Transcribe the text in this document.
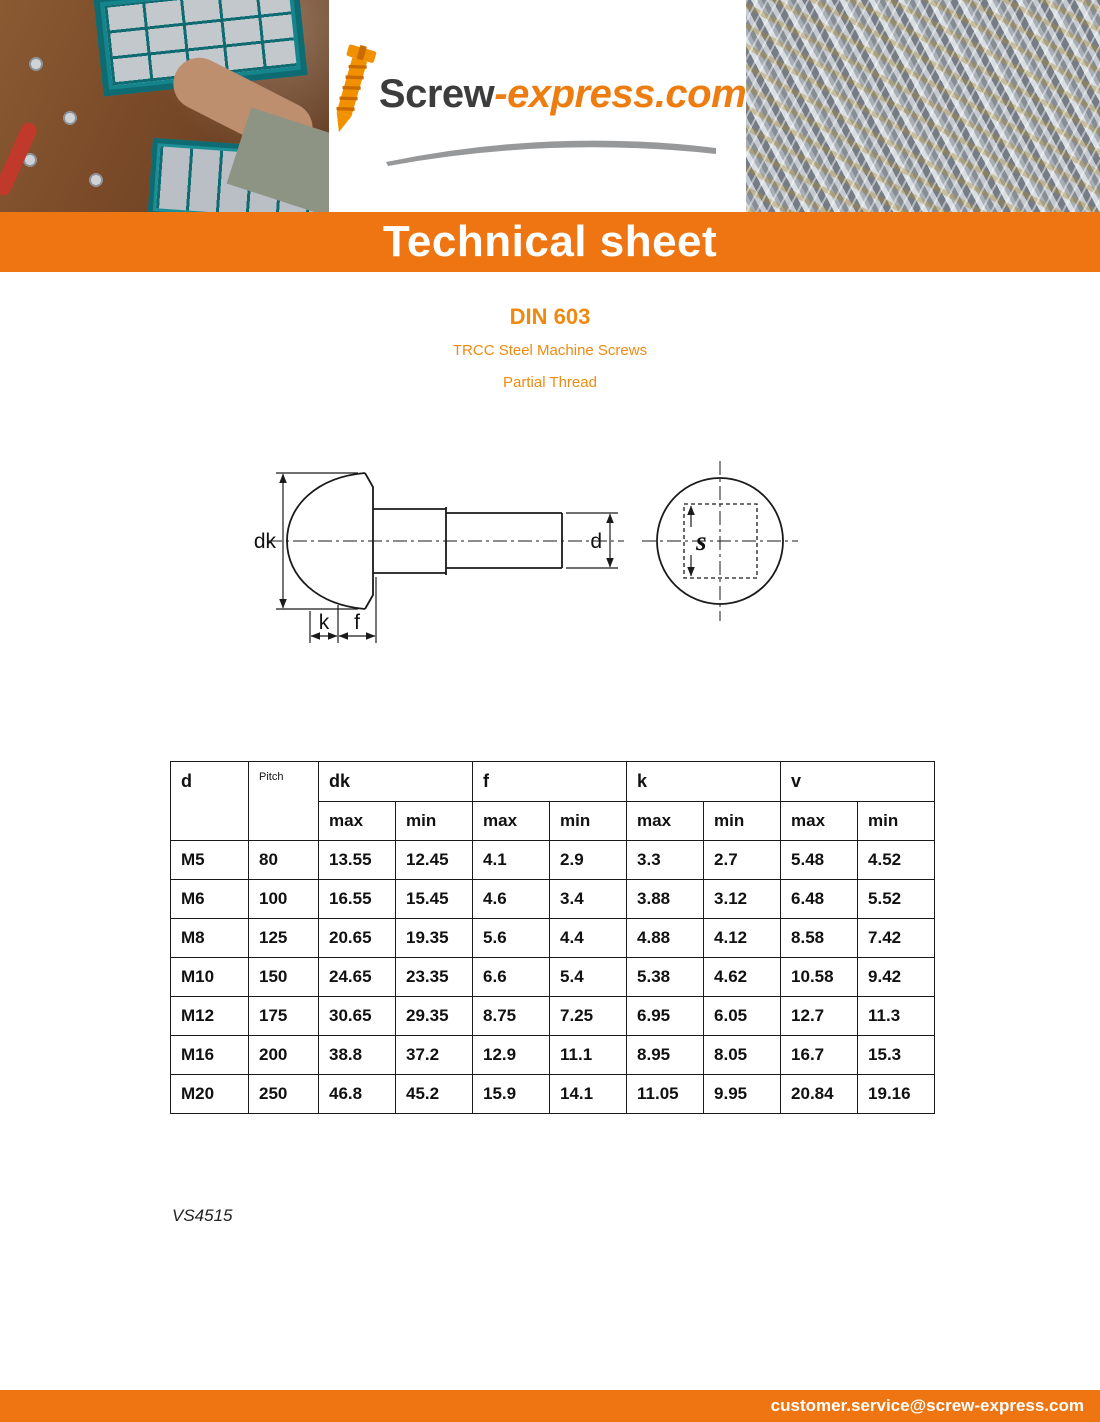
Screw-express.com
Technical sheet
DIN 603
TRCC Steel Machine Screws
Partial Thread
dk	d
k f
s
d	Pitch	dk		f		k		v	
		max	min	max	min	max	min	max	min
M5	80	13.55	12.45	4.1	2.9	3.3	2.7	5.48	4.52
M6	100	16.55	15.45	4.6	3.4	3.88	3.12	6.48	5.52
M8	125	20.65	19.35	5.6	4.4	4.88	4.12	8.58	7.42
M10	150	24.65	23.35	6.6	5.4	5.38	4.62	10.58	9.42
M12	175	30.65	29.35	8.75	7.25	6.95	6.05	12.7	11.3
M16	200	38.8	37.2	12.9	11.1	8.95	8.05	16.7	15.3
M20	250	46.8	45.2	15.9	14.1	11.05	9.95	20.84	19.16
VS4515
customer.service@screw-express.com
